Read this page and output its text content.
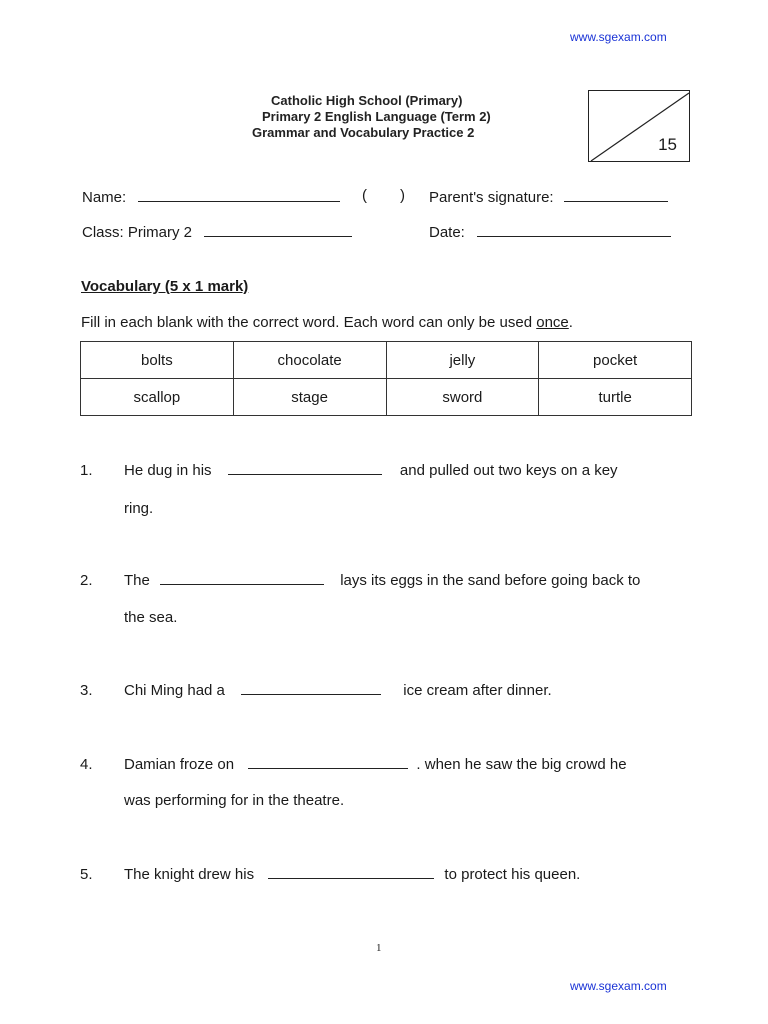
www.sgexam.com
Catholic High School (Primary)
Primary 2 English Language (Term 2)
Grammar and Vocabulary Practice 2
15
Name:	( ) Parent's signature:
Class: Primary 2	Date:
Vocabulary (5 x 1 mark)
Fill in each blank with the correct word. Each word can only be used once.
bolts	chocolate	jelly	pocket
scallop	stage	sword	turtle
1. He dug in his	and pulled out two keys on a key
ring.
2. The	lays its eggs in the sand before going back to
the sea.
3. Chi Ming had a	ice cream after dinner.
4. Damian froze on	. when he saw the big crowd he
was performing for in the theatre.
5. The knight drew his	to protect his queen.
1
www.sgexam.com
